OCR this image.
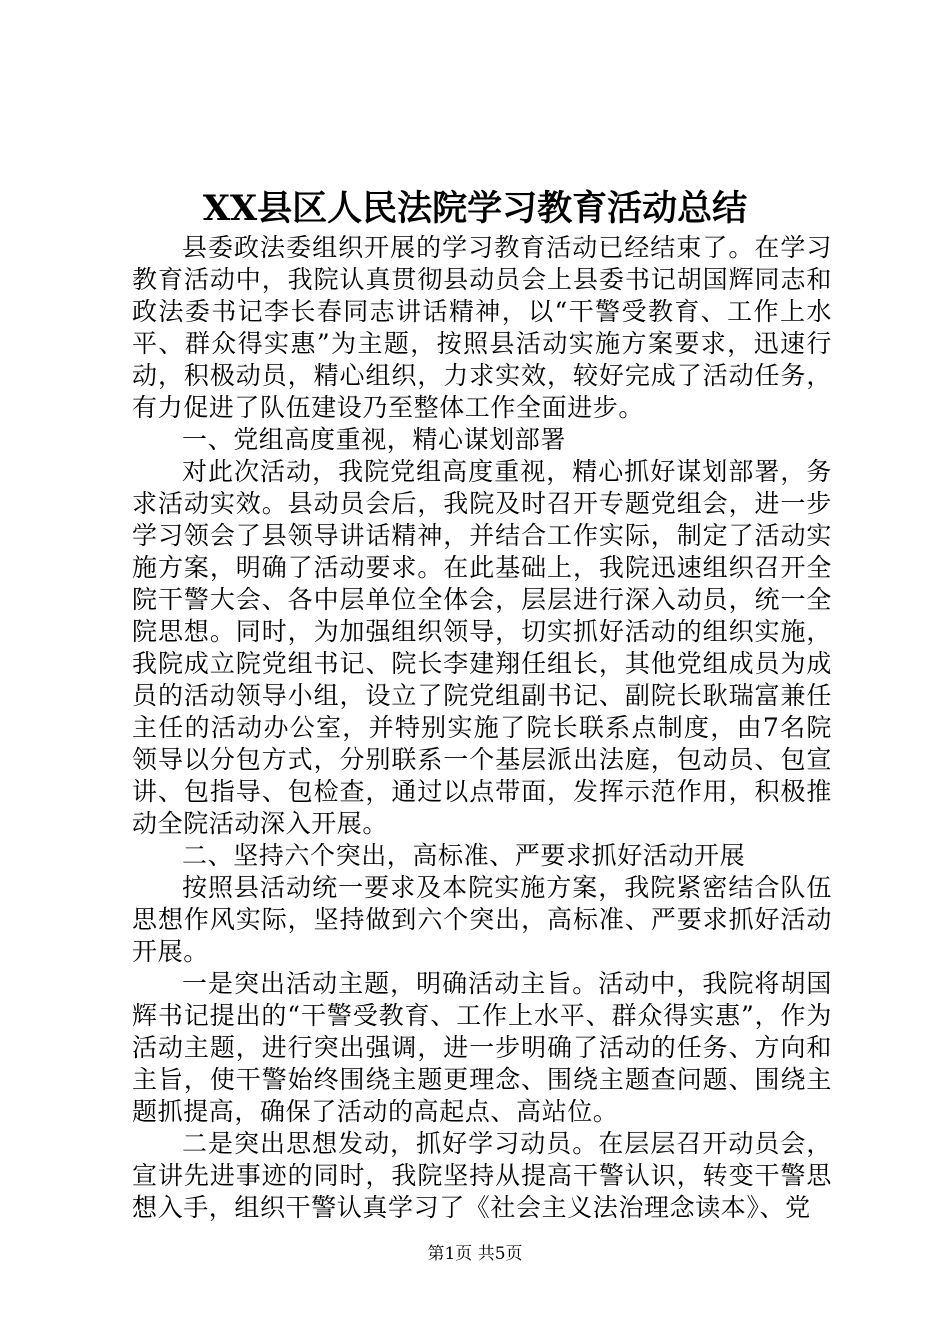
XX县区人民法院学习教育活动总结

县委政法委组织开展的学习教育活动已经结束了。在学习教育活动中，我院认真贯彻县动员会上县委书记胡国辉同志和政法委书记李长春同志讲话精神，以“干警受教育、工作上水平、群众得实惠”为主题，按照县活动实施方案要求，迅速行动，积极动员，精心组织，力求实效，较好完成了活动任务，有力促进了队伍建设乃至整体工作全面进步。

一、党组高度重视，精心谋划部署

对此次活动，我院党组高度重视，精心抓好谋划部署，务求活动实效。县动员会后，我院及时召开专题党组会，进一步学习领会了县领导讲话精神，并结合工作实际，制定了活动实施方案，明确了活动要求。在此基础上，我院迅速组织召开全院干警大会、各中层单位全体会，层层进行深入动员，统一全院思想。同时，为加强组织领导，切实抓好活动的组织实施，我院成立院党组书记、院长李建翔任组长，其他党组成员为成员的活动领导小组，设立了院党组副书记、副院长耿瑞富兼任主任的活动办公室，并特别实施了院长联系点制度，由7名院领导以分包方式，分别联系一个基层派出法庭，包动员、包宣讲、包指导、包检查，通过以点带面，发挥示范作用，积极推动全院活动深入开展。

二、坚持六个突出，高标准、严要求抓好活动开展

按照县活动统一要求及本院实施方案，我院紧密结合队伍思想作风实际，坚持做到六个突出，高标准、严要求抓好活动开展。

一是突出活动主题，明确活动主旨。活动中，我院将胡国辉书记提出的“干警受教育、工作上水平、群众得实惠”，作为活动主题，进行突出强调，进一步明确了活动的任务、方向和主旨，使干警始终围绕主题更理念、围绕主题查问题、围绕主题抓提高，确保了活动的高起点、高站位。

二是突出思想发动，抓好学习动员。在层层召开动员会，宣讲先进事迹的同时，我院坚持从提高干警认识，转变干警思想入手，组织干警认真学习了《社会主义法治理念读本》、党

第1页 共5页
